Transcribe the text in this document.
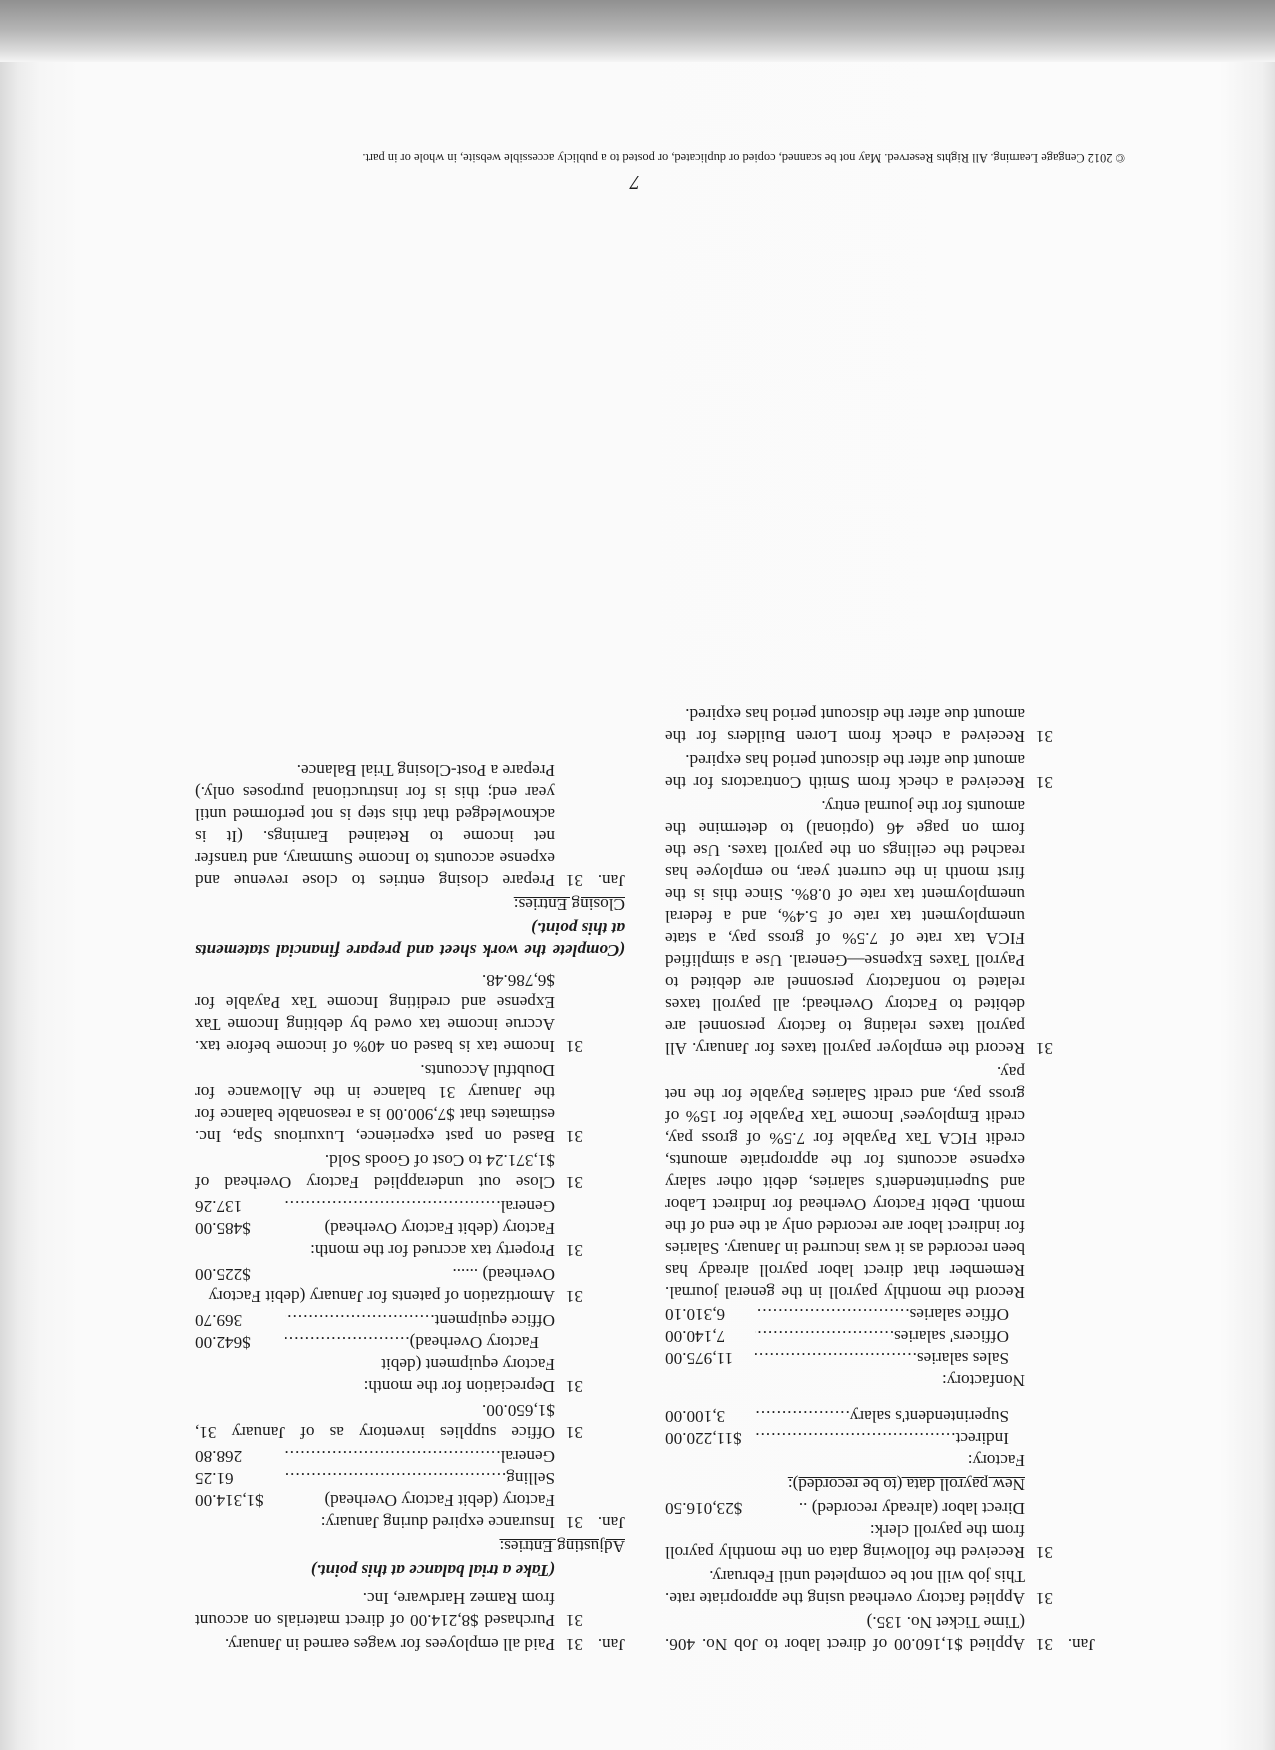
Jan.
31
Applied $1,160.00 of direct labor to Job No. 406. (Time Ticket No. 135.)
31
Applied factory overhead using the appropriate rate. This job will not be completed until February.
31
Received the following data on the monthly payroll from the payroll clerk:
Direct labor (already recorded) ..
$23,016.50
New payroll data (to be recorded):
Factory:
Indirect
.....
$11,220.00
Superintendent's salary
.....
3,100.00
Nonfactory:
Sales salaries
.....
11,975.00
Officers' salaries
.....
7,140.00
Office salaries
.....
6,310.10
Record the monthly payroll in the general journal. Remember that direct labor payroll already has been recorded as it was incurred in January. Salaries for indirect labor are recorded only at the end of the month. Debit Factory Overhead for Indirect Labor and Superintendent's salaries, debit other salary expense accounts for the appropriate amounts, credit FICA Tax Payable for 7.5% of gross pay, credit Employees' Income Tax Payable for 15% of gross pay, and credit Salaries Payable for the net pay.
31
Record the employer payroll taxes for January. All payroll taxes relating to factory personnel are debited to Factory Overhead; all payroll taxes related to nonfactory personnel are debited to Payroll Taxes Expense—General. Use a simplified FICA tax rate of 7.5% of gross pay, a state unemployment tax rate of 5.4%, and a federal unemployment tax rate of 0.8%. Since this is the first month in the current year, no employee has reached the ceilings on the payroll taxes. Use the form on page 46 (optional) to determine the amounts for the journal entry.
31
Received a check from Smith Contractors for the amount due after the discount period has expired.
31
Received a check from Loren Builders for the amount due after the discount period has expired.
Jan.
31
Paid all employees for wages earned in January.
31
Purchased $8,214.00 of direct materials on account from Ramez Hardware, Inc.
(Take a trial balance at this point.)
Adjusting Entries:
Jan.
31
Insurance expired during January:
Factory (debit Factory Overhead)
$1,314.00
Selling
.....
61.25
General
.....
268.80
31
Office supplies inventory as of January 31, $1,650.00.
31
Depreciation for the month:
Factory equipment (debit
Factory Overhead)
.....
$642.00
Office equipment
.....
369.70
31
Amortization of patents for January (debit Factory Overhead) ......
$225.00
31
Property tax accrued for the month:
Factory (debit Factory Overhead)
$485.00
General
.....
137.26
31
Close out underapplied Factory Overhead of $1,371.24 to Cost of Goods Sold.
31
Based on past experience, Luxurious Spa, Inc. estimates that $7,900.00 is a reasonable balance for the January 31 balance in the Allowance for Doubtful Accounts.
31
Income tax is based on 40% of income before tax. Accrue income tax owed by debiting Income Tax Expense and crediting Income Tax Payable for $6,786.48.
(Complete the work sheet and prepare financial statements at this point.)
Closing Entries:
Jan.
31
Prepare closing entries to close revenue and expense accounts to Income Summary, and transfer net income to Retained Earnings. (It is acknowledged that this step is not performed until year end; this is for instructional purposes only.) Prepare a Post-Closing Trial Balance.
7
© 2012 Cengage Learning. All Rights Reserved. May not be scanned, copied or duplicated, or posted to a publicly accessible website, in whole or in part.
